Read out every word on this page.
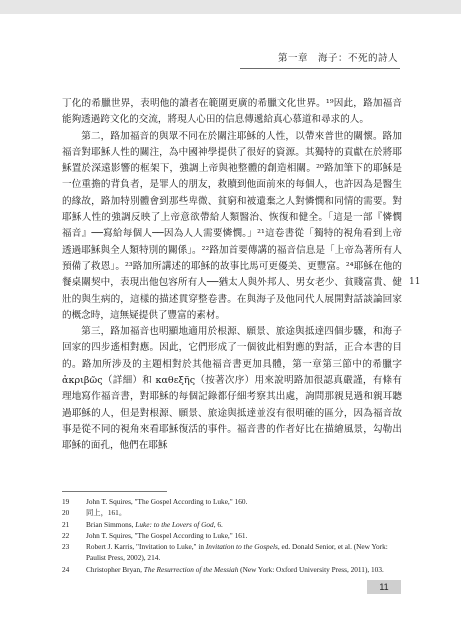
第一章　海子：不死的詩人

丁化的希臘世界，表明他的讀者在範圍更廣的希臘文化世界。¹⁹因此，路加福音能夠透過跨文化的交流，將現人心田的信息傳遞給真心慕道和尋求的人。

第二，路加福音的與眾不同在於關注耶穌的人性，以帶來普世的關懷。路加福音對耶穌人性的關注，為中國神學提供了很好的資源。其獨特的貢獻在於將耶穌置於深遠影響的框架下，強調上帝與祂整體的創造相關。²⁰路加筆下的耶穌是一位重擔的背負者，是罪人的朋友，救贖到他面前來的每個人，也許因為是醫生的緣故，路加特別體會到那些卑微、貧窮和被遺棄之人對憐憫和同情的需要。對耶穌人性的強調反映了上帝意欲帶給人類醫治、恢復和健全。「這是一部『憐憫福音』──寫給每個人──因為人人需要憐憫。」²¹這卷書從「獨特的視角看到上帝透過耶穌與全人類特別的關係」。²²路加首要傳講的福音信息是「上帝為著所有人預備了救恩」。²³路加所講述的耶穌的故事比馬可更優美、更豐富。²⁴耶穌在他的餐桌關契中，表現出他包容所有人──猶太人與外邦人、男女老少、貧賤富貴、健壯的與生病的，這樣的描述貫穿整卷書。在與海子及他同代人展開對話談論回家的概念時，這無疑提供了豐富的素材。

第三，路加福音也明顯地適用於根源、願景、旅途與抵達四個步驟，和海子回家的四步遙相對應。因此，它們形成了一個彼此相對應的對話，正合本書的目的。路加所涉及的主題相對於其他福音書更加具體，第一章第三節中的希臘字 ἀκριβῶς（詳細）和 καθεξῆς（按著次序）用來說明路加很認真嚴謹，有條有理地寫作福音書，對耶穌的每個記錄都仔細考察其出處，詢問那親見過和親耳聽過耶穌的人，但是對根源、願景、旅途與抵達並沒有很明確的區分，因為福音故事是從不同的視角來看耶穌復活的事件。福音書的作者好比在描繪風景，勾勒出耶穌的面孔，他們在耶穌

11
19	John T. Squires, "The Gospel According to Luke," 160.
20	同上，161。
21	Brian Simmons, Luke: to the Lovers of God, 6.
22	John T. Squires, "The Gospel According to Luke," 161.
23	Robert J. Karris, "Invitation to Luke," in Invitation to the Gospels, ed. Donald Senior, et al. (New York: Paulist Press, 2002), 214.
24	Christopher Bryan, The Resurrection of the Messiah (New York: Oxford University Press, 2011), 103.
11
